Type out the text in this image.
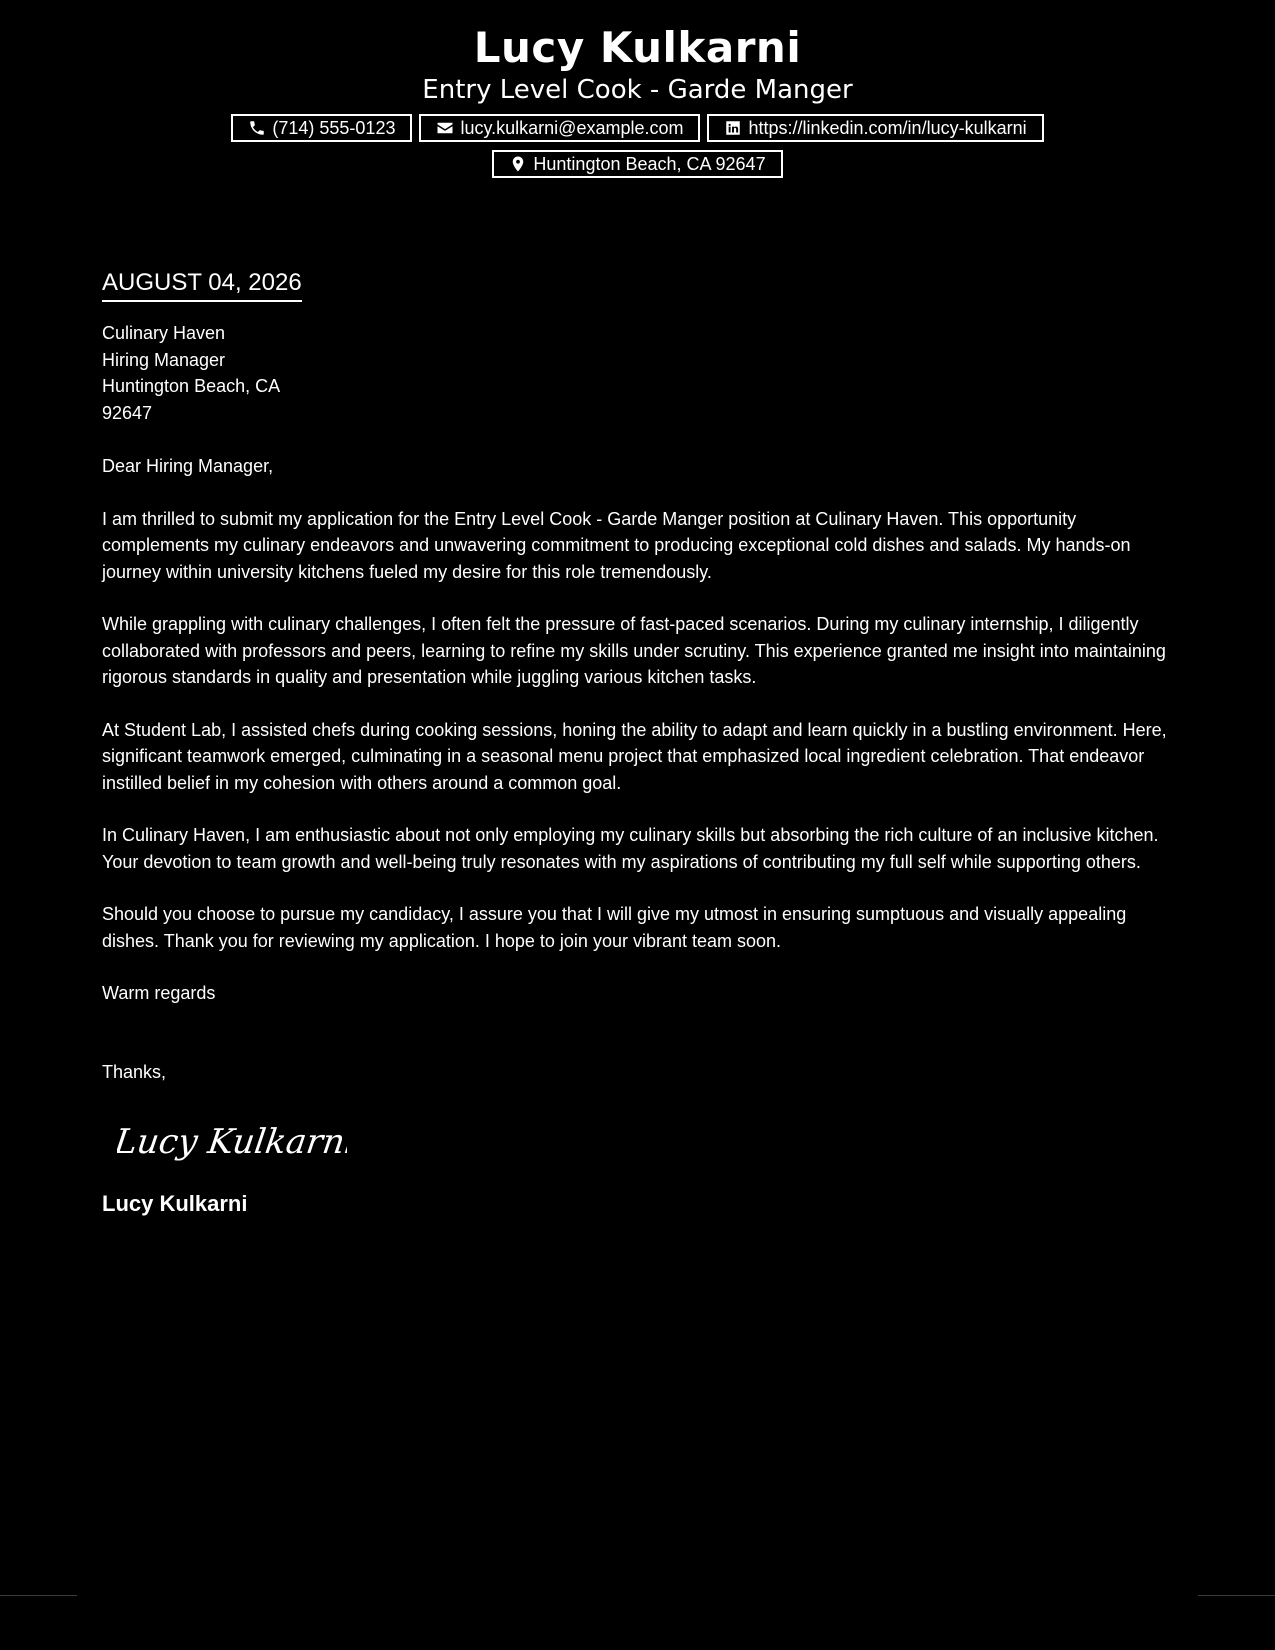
Lucy Kulkarni
Entry Level Cook - Garde Manger
(714) 555-0123	lucy.kulkarni@example.com	https://linkedin.com/in/lucy-kulkarni
Huntington Beach, CA 92647
AUGUST 04, 2026
Culinary Haven
Hiring Manager
Huntington Beach, CA
92647
Dear Hiring Manager,

I am thrilled to submit my application for the Entry Level Cook - Garde Manger position at Culinary Haven. This opportunity complements my culinary endeavors and unwavering commitment to producing exceptional cold dishes and salads. My hands-on journey within university kitchens fueled my desire for this role tremendously.

While grappling with culinary challenges, I often felt the pressure of fast-paced scenarios. During my culinary internship, I diligently collaborated with professors and peers, learning to refine my skills under scrutiny. This experience granted me insight into maintaining rigorous standards in quality and presentation while juggling various kitchen tasks.

At Student Lab, I assisted chefs during cooking sessions, honing the ability to adapt and learn quickly in a bustling environment. Here, significant teamwork emerged, culminating in a seasonal menu project that emphasized local ingredient celebration. That endeavor instilled belief in my cohesion with others around a common goal.

In Culinary Haven, I am enthusiastic about not only employing my culinary skills but absorbing the rich culture of an inclusive kitchen. Your devotion to team growth and well-being truly resonates with my aspirations of contributing my full self while supporting others.

Should you choose to pursue my candidacy, I assure you that I will give my utmost in ensuring sumptuous and visually appealing dishes. Thank you for reviewing my application. I hope to join your vibrant team soon.

Warm regards
Thanks,
Lucy Kulkarni
Lucy Kulkarni
